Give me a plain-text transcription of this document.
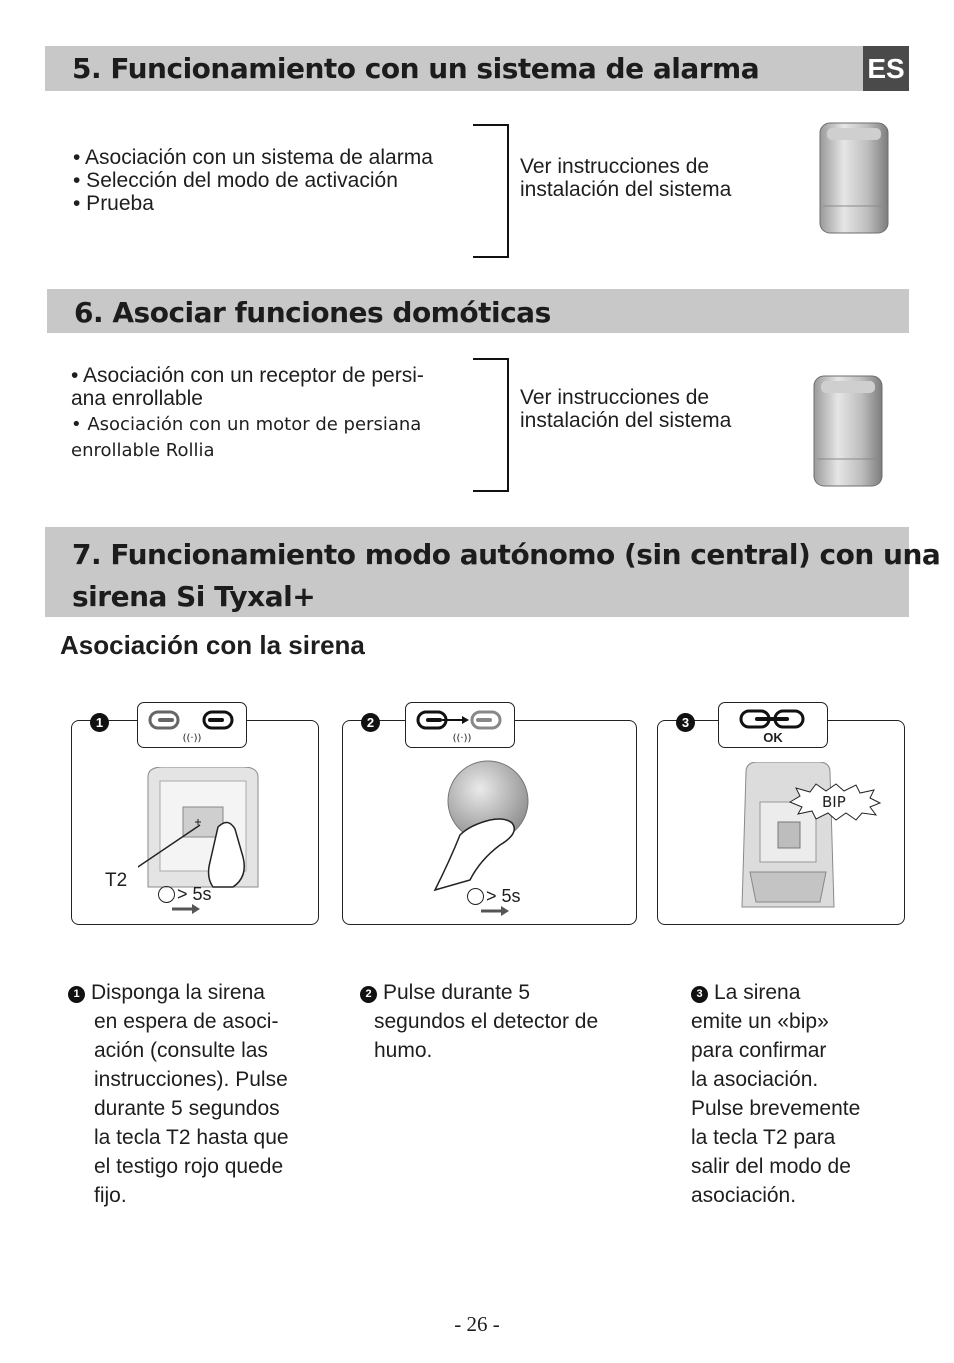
5. Funcionamiento con un sistema de alarma	ES
• Asociación con un sistema de alarma
• Selección del modo de activación
• Prueba
Ver instrucciones de
instalación del sistema
6. Asociar funciones domóticas
• Asociación con un receptor de persi-
ana enrollable
• Asociación con un motor de persiana
enrollable Rollia
Ver instrucciones de
instalación del sistema
7. Funcionamiento modo autónomo (sin central) con una
sirena Si Tyxal+
Asociación con la sirena
1
((·))
T2
> 5s
2
((·))
> 5s
3
OK
BIP
1 Disponga la sirena
en espera de asoci-
ación (consulte las
instrucciones). Pulse
durante 5 segundos
la tecla T2 hasta que
el testigo rojo quede
fijo.
2 Pulse durante 5
segundos el detector de
humo.
3 La sirena
emite un «bip»
para confirmar
la asociación.
Pulse brevemente
la tecla T2 para
salir del modo de
asociación.
- 26 -
